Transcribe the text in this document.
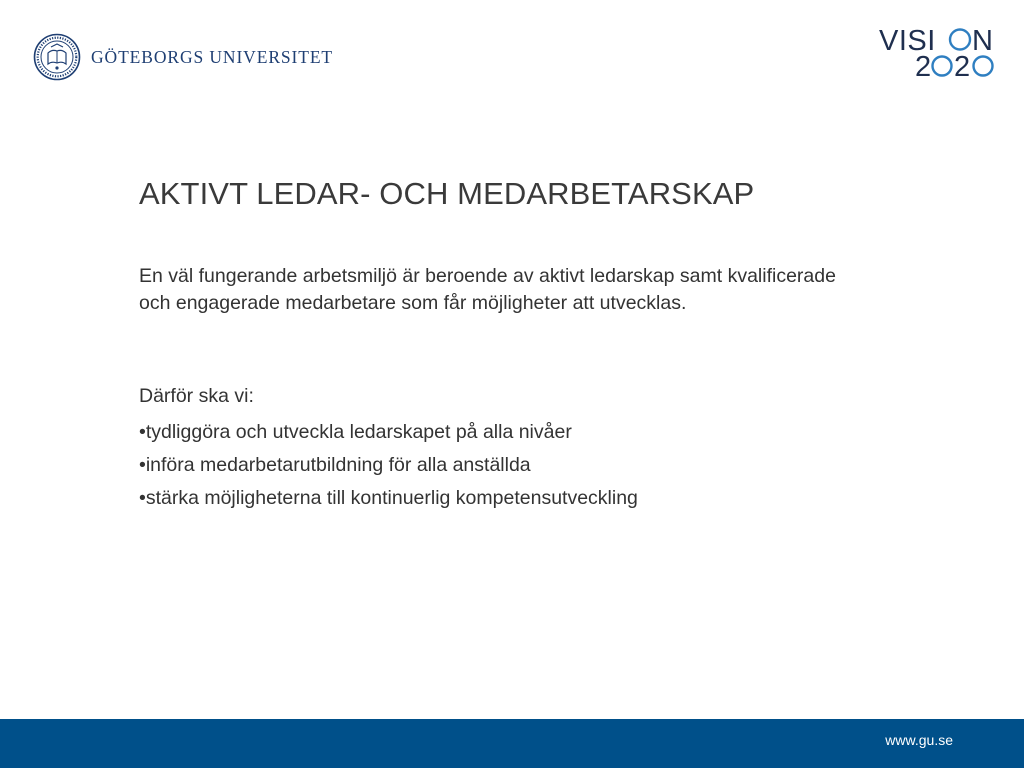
GÖTEBORGS UNIVERSITET	VISI N
2 2
AKTIVT LEDAR- OCH MEDARBETARSKAP

En väl fungerande arbetsmiljö är beroende av aktivt ledarskap samt kvalificerade och engagerade medarbetare som får möjligheter att utvecklas.

Därför ska vi:

•tydliggöra och utveckla ledarskapet på alla nivåer
•införa medarbetarutbildning för alla anställda
•stärka möjligheterna till kontinuerlig kompetensutveckling
www.gu.se
